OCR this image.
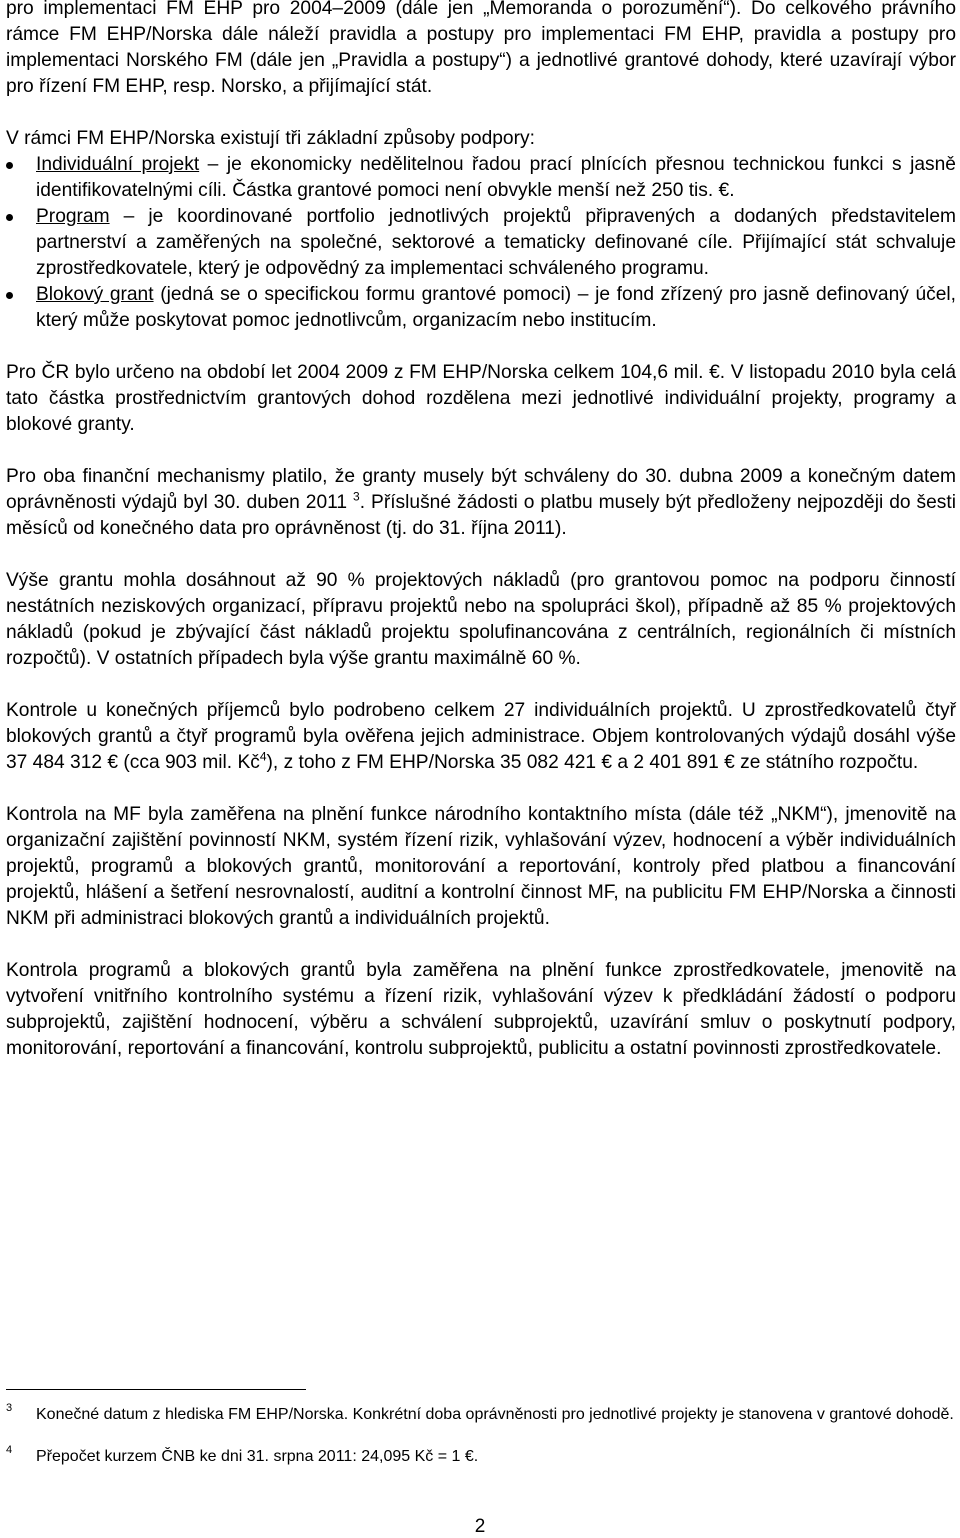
pro implementaci FM EHP pro 2004–2009 (dále jen „Memoranda o porozumění“). Do celkového právního rámce FM EHP/Norska dále náleží pravidla a postupy pro implementaci FM EHP, pravidla a postupy pro implementaci Norského FM (dále jen „Pravidla a postupy“) a jednotlivé grantové dohody, které uzavírají výbor pro řízení FM EHP, resp. Norsko, a přijímající stát.

V rámci FM EHP/Norska existují tři základní způsoby podpory:

Individuální projekt – je ekonomicky nedělitelnou řadou prací plnících přesnou technickou funkci s jasně identifikovatelnými cíli. Částka grantové pomoci není obvykle menší než 250 tis. €.
Program – je koordinované portfolio jednotlivých projektů připravených a dodaných představitelem partnerství a zaměřených na společné, sektorové a tematicky definované cíle. Přijímající stát schvaluje zprostředkovatele, který je odpovědný za implementaci schváleného programu.
Blokový grant (jedná se o specifickou formu grantové pomoci) – je fond zřízený pro jasně definovaný účel, který může poskytovat pomoc jednotlivcům, organizacím nebo institucím.

Pro ČR bylo určeno na období let 2004 2009 z FM EHP/Norska celkem 104,6 mil. €. V listopadu 2010 byla celá tato částka prostřednictvím grantových dohod rozdělena mezi jednotlivé individuální projekty, programy a blokové granty.

Pro oba finanční mechanismy platilo, že granty musely být schváleny do 30. dubna 2009 a konečným datem oprávněnosti výdajů byl 30. duben 2011 $^3$. Příslušné žádosti o platbu musely být předloženy nejpozději do šesti měsíců od konečného data pro oprávněnost (tj. do 31. října 2011).

Výše grantu mohla dosáhnout až 90 % projektových nákladů (pro grantovou pomoc na podporu činností nestátních neziskových organizací, přípravu projektů nebo na spolupráci škol), případně až 85 % projektových nákladů (pokud je zbývající část nákladů projektu spolufinancována z centrálních, regionálních či místních rozpočtů). V ostatních případech byla výše grantu maximálně 60 %.

Kontrole u konečných příjemců bylo podrobeno celkem 27 individuálních projektů. U zprostředkovatelů čtyř blokových grantů a čtyř programů byla ověřena jejich administrace. Objem kontrolovaných výdajů dosáhl výše 37 484 312 € (cca 903 mil. $Kč^4$), z toho z FM EHP/Norska 35 082 421 € a 2 401 891 € ze státního rozpočtu.

Kontrola na MF byla zaměřena na plnění funkce národního kontaktního místa (dále též „NKM“), jmenovitě na organizační zajištění povinností NKM, systém řízení rizik, vyhlašování výzev, hodnocení a výběr individuálních projektů, programů a blokových grantů, monitorování a reportování, kontroly před platbou a financování projektů, hlášení a šetření nesrovnalostí, auditní a kontrolní činnost MF, na publicitu FM EHP/Norska a činnosti NKM při administraci blokových grantů a individuálních projektů.

Kontrola programů a blokových grantů byla zaměřena na plnění funkce zprostředkovatele, jmenovitě na vytvoření vnitřního kontrolního systému a řízení rizik, vyhlašování výzev k předkládání žádostí o podporu subprojektů, zajištění hodnocení, výběru a schválení subprojektů, uzavírání smluv o poskytnutí podpory, monitorování, reportování a financování, kontrolu subprojektů, publicitu a ostatní povinnosti zprostředkovatele.

3 Konečné datum z hlediska FM EHP/Norska. Konkrétní doba oprávněnosti pro jednotlivé projekty je stanovena v grantové dohodě.
4 Přepočet kurzem ČNB ke dni 31. srpna 2011: 24,095 Kč = 1 €.
2
